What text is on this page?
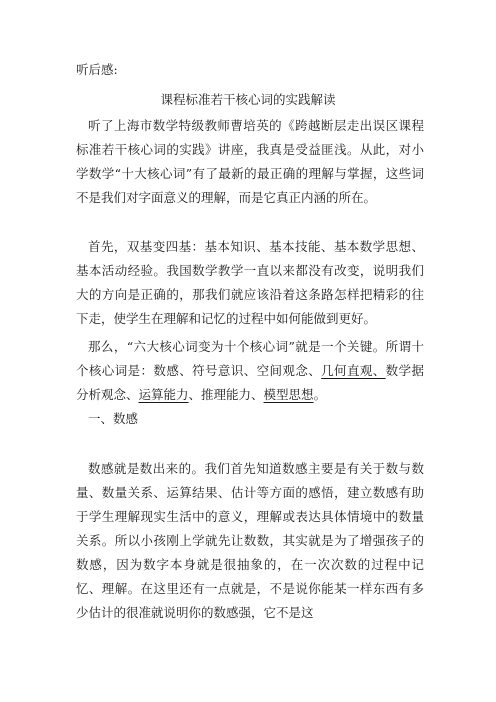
听后感:
课程标准若干核心词的实践解读

听了上海市数学特级教师曹培英的《跨越断层走出误区课程标准若干核心词的实践》讲座，我真是受益匪浅。从此，对小学数学“十大核心词”有了最新的最正确的理解与掌握，这些词不是我们对字面意义的理解，而是它真正内涵的所在。

首先，双基变四基：基本知识、基本技能、基本数学思想、基本活动经验。我国数学教学一直以来都没有改变，说明我们大的方向是正确的，那我们就应该沿着这条路怎样把精彩的往下走，使学生在理解和记忆的过程中如何能做到更好。

那么，“六大核心词变为十个核心词”就是一个关键。所谓十个核心词是：数感、符号意识、空间观念、几何直观、数学据分析观念、运算能力、推理能力、模型思想。

一、数感

数感就是数出来的。我们首先知道数感主要是有关于数与数量、数量关系、运算结果、估计等方面的感悟，建立数感有助于学生理解现实生活中的意义，理解或表达具体情境中的数量关系。所以小孩刚上学就先让数数，其实就是为了增强孩子的数感，因为数字本身就是很抽象的，在一次次数的过程中记忆、理解。在这里还有一点就是，不是说你能某一样东西有多少估计的很准就说明你的数感强，它不是这
